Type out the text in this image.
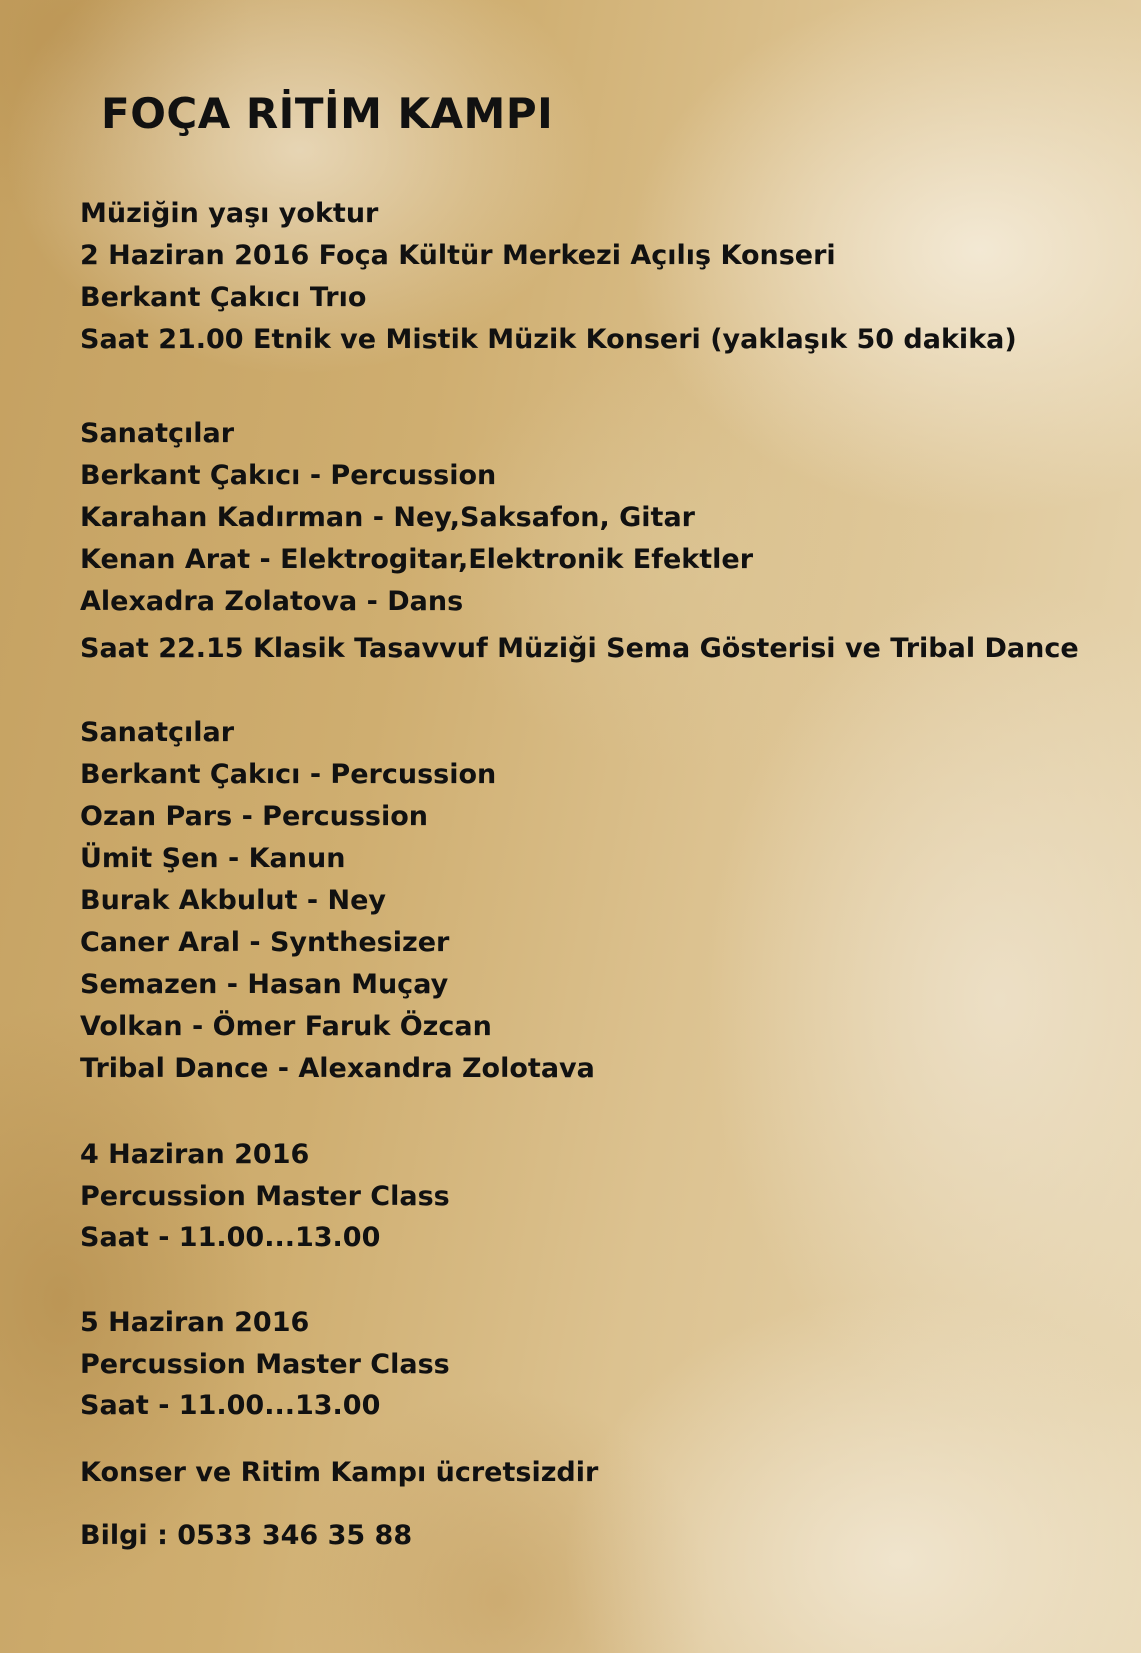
FOÇA RİTİM KAMPI

Müziğin yaşı yoktur

2 Haziran 2016 Foça Kültür Merkezi Açılış Konseri

Berkant Çakıcı Trıo

Saat 21.00 Etnik ve Mistik Müzik Konseri (yaklaşık 50 dakika)

Sanatçılar

Berkant Çakıcı - Percussion

Karahan Kadırman - Ney,Saksafon, Gitar

Kenan Arat - Elektrogitar,Elektronik Efektler

Alexadra Zolatova - Dans

Saat 22.15 Klasik Tasavvuf Müziği Sema Gösterisi ve Tribal Dance

Sanatçılar

Berkant Çakıcı - Percussion

Ozan Pars - Percussion

Ümit Şen - Kanun

Burak Akbulut - Ney

Caner Aral - Synthesizer

Semazen - Hasan Muçay

Volkan - Ömer Faruk Özcan

Tribal Dance - Alexandra Zolotava

4 Haziran 2016

Percussion Master Class

Saat - 11.00...13.00

5 Haziran 2016

Percussion Master Class

Saat - 11.00...13.00

Konser ve Ritim Kampı ücretsizdir

Bilgi : 0533 346 35 88
